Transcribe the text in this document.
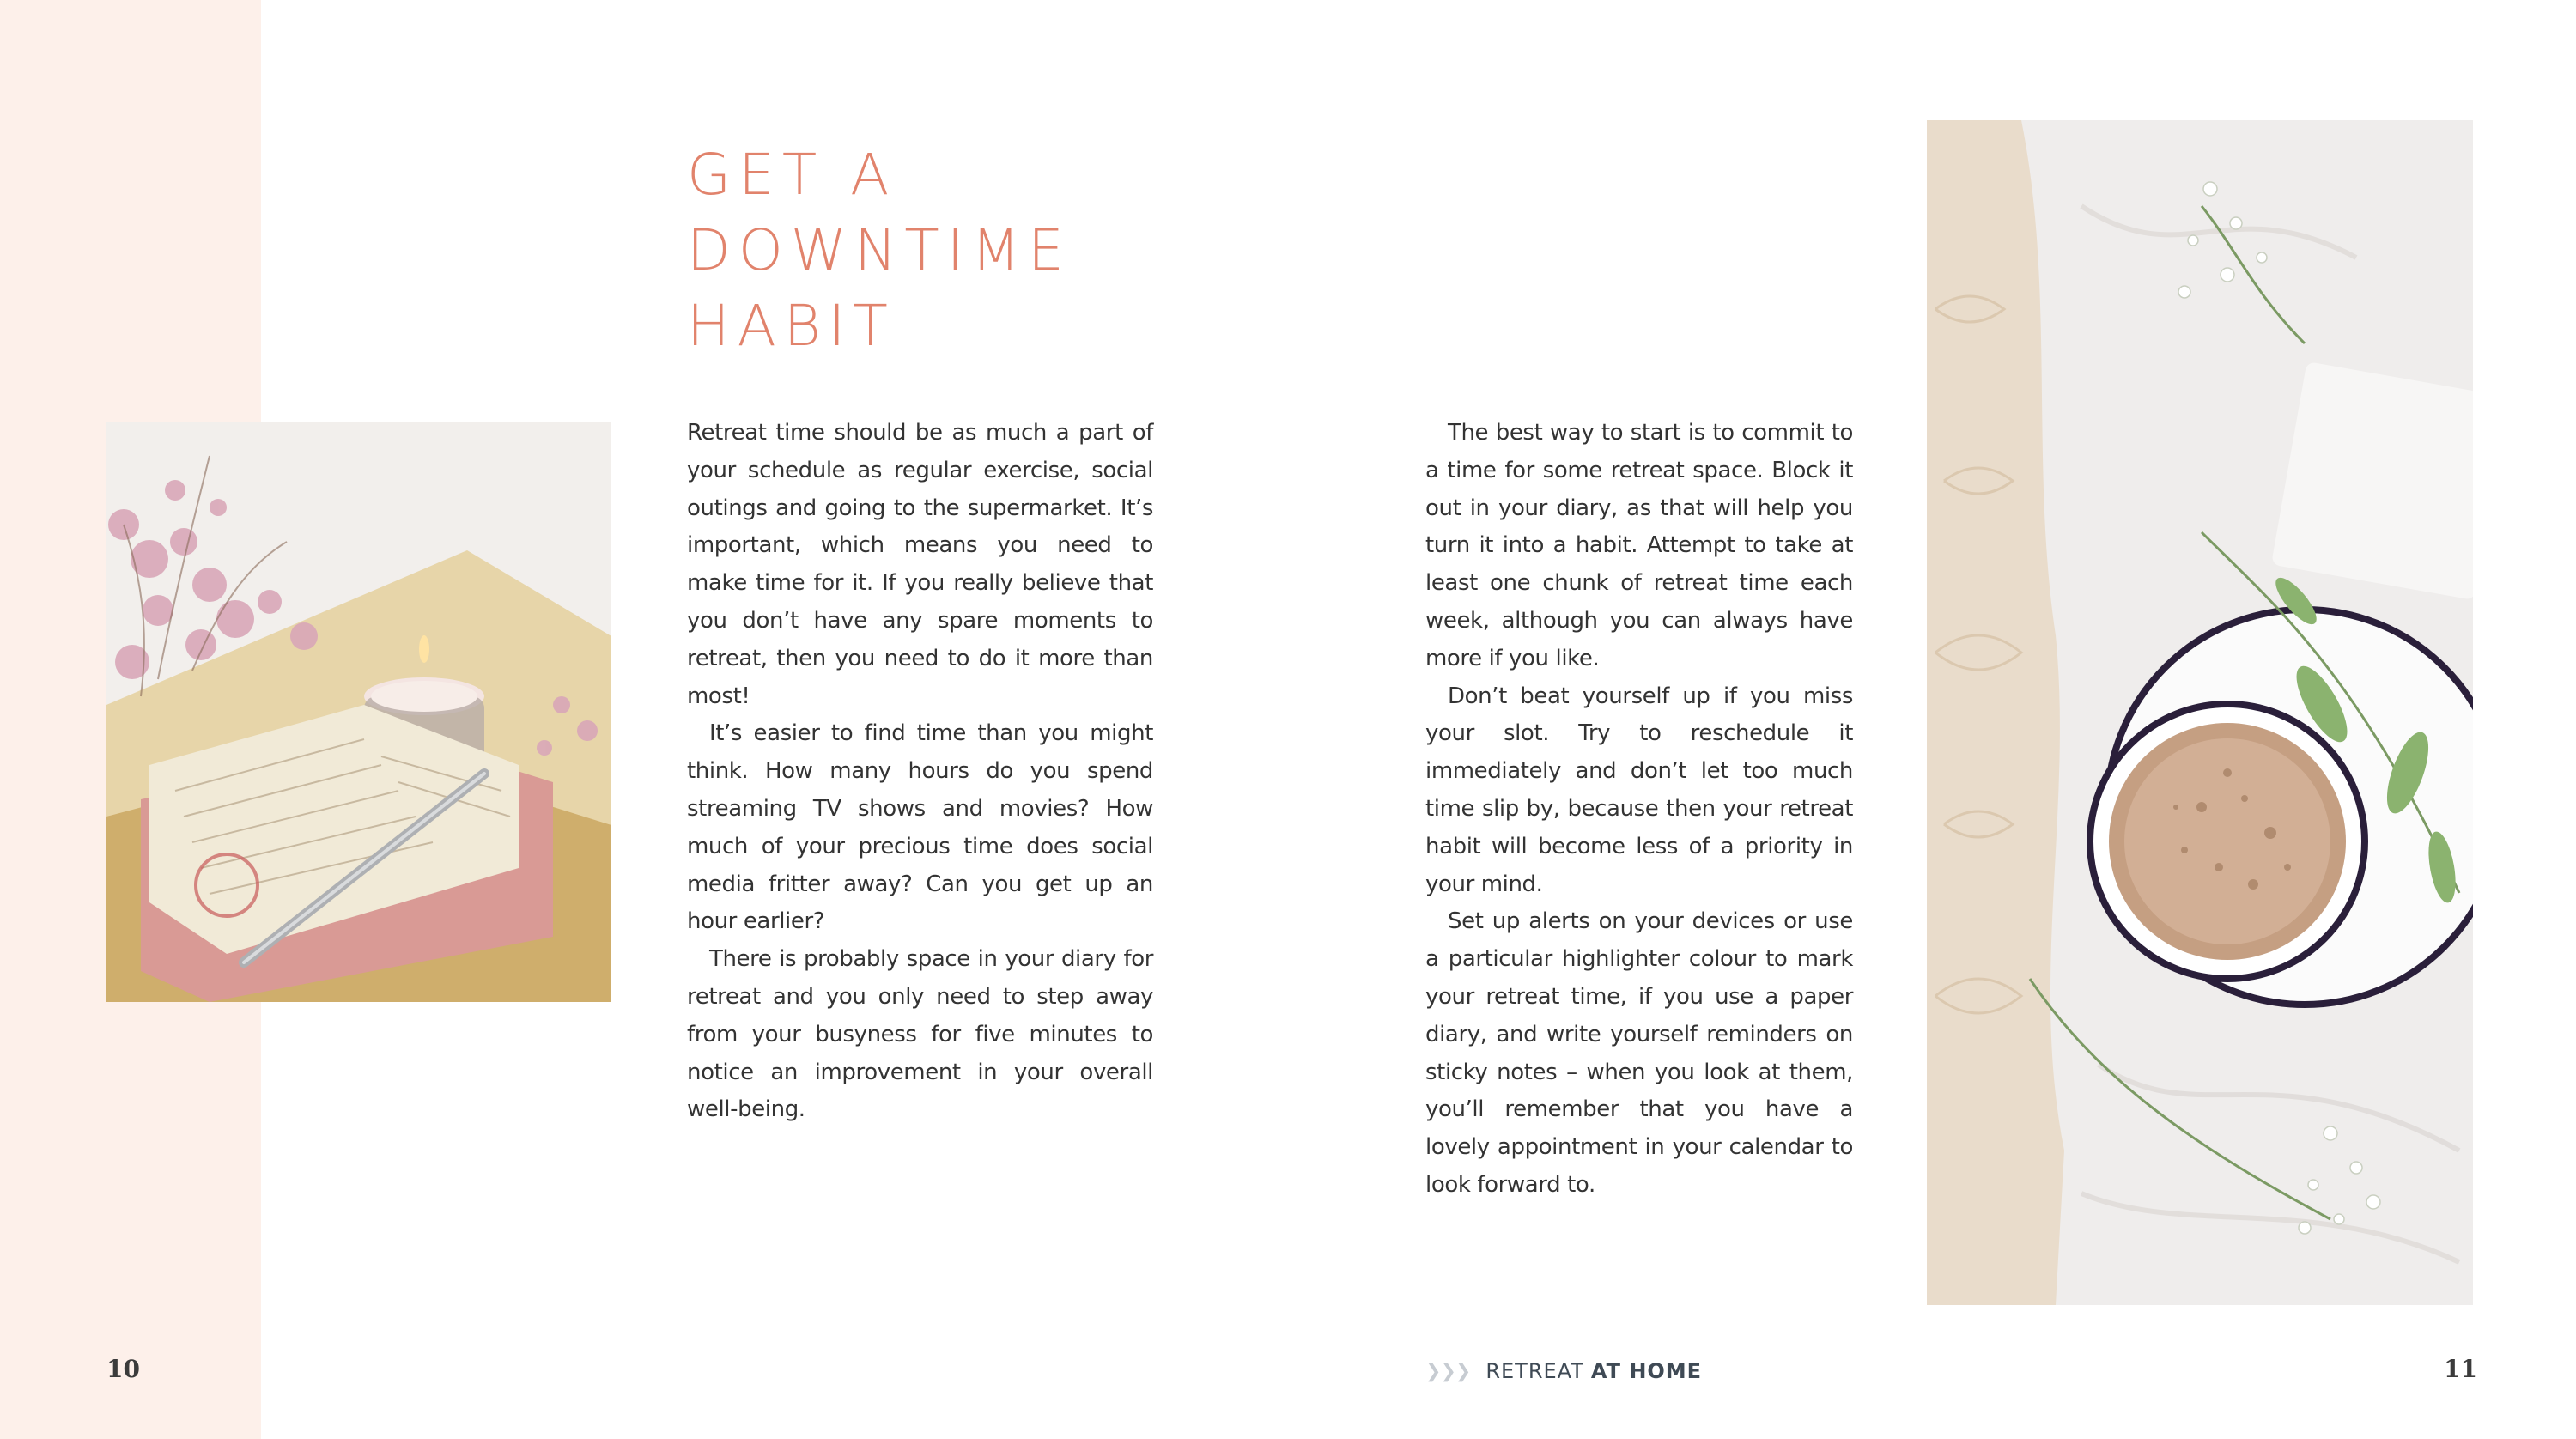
GET A
DOWNTIME
HABIT

Retreat time should be as much a part of your schedule as regular exercise, social outings and going to the supermarket. It’s important, which means you need to make time for it. If you really believe that you don’t have any spare moments to retreat, then you need to do it more than most!

It’s easier to find time than you might think. How many hours do you spend streaming TV shows and movies? How much of your precious time does social media fritter away? Can you get up an hour earlier?

There is probably space in your diary for retreat and you only need to step away from your busyness for five minutes to notice an improvement in your overall well-being.

The best way to start is to commit to a time for some retreat space. Block it out in your diary, as that will help you turn it into a habit. Attempt to take at least one chunk of retreat time each week, although you can always have more if you like.

Don’t beat yourself up if you miss your slot. Try to reschedule it immediately and don’t let too much time slip by, because then your retreat habit will become less of a priority in your mind.

Set up alerts on your devices or use a particular highlighter colour to mark your retreat time, if you use a paper diary, and write yourself reminders on sticky notes – when you look at them, you’ll remember that you have a lovely appointment in your calendar to look forward to.

10	11
❯
❯
❯ RETREAT AT HOME
